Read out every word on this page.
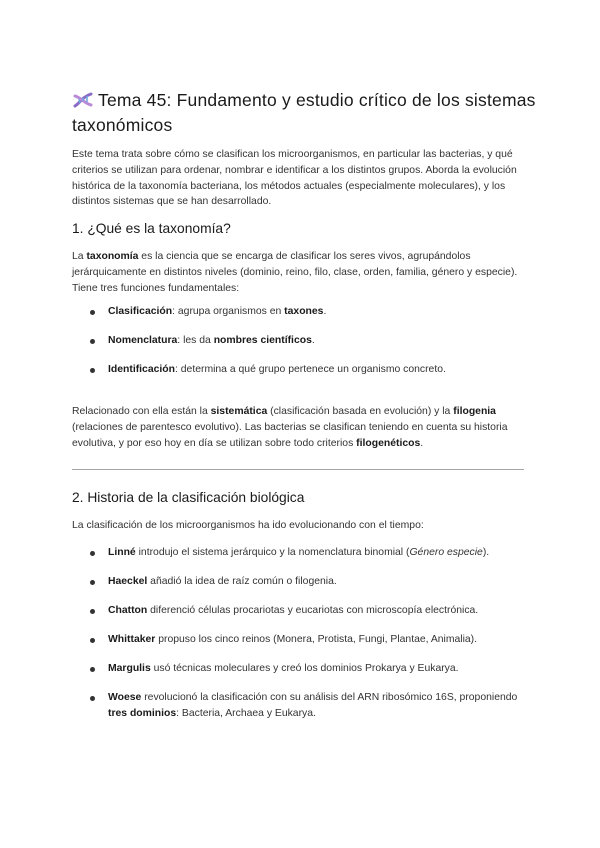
Tema 45: Fundamento y estudio crítico de los sistemas taxonómicos
Este tema trata sobre cómo se clasifican los microorganismos, en particular las bacterias, y qué criterios se utilizan para ordenar, nombrar e identificar a los distintos grupos. Aborda la evolución histórica de la taxonomía bacteriana, los métodos actuales (especialmente moleculares), y los distintos sistemas que se han desarrollado.
1. ¿Qué es la taxonomía?
La taxonomía es la ciencia que se encarga de clasificar los seres vivos, agrupándolos jerárquicamente en distintos niveles (dominio, reino, filo, clase, orden, familia, género y especie). Tiene tres funciones fundamentales:
Clasificación: agrupa organismos en taxones.
Nomenclatura: les da nombres científicos.
Identificación: determina a qué grupo pertenece un organismo concreto.
Relacionado con ella están la sistemática (clasificación basada en evolución) y la filogenia (relaciones de parentesco evolutivo). Las bacterias se clasifican teniendo en cuenta su historia evolutiva, y por eso hoy en día se utilizan sobre todo criterios filogenéticos.
2. Historia de la clasificación biológica
La clasificación de los microorganismos ha ido evolucionando con el tiempo:
Linné introdujo el sistema jerárquico y la nomenclatura binomial (Género especie).
Haeckel añadió la idea de raíz común o filogenia.
Chatton diferenció células procariotas y eucariotas con microscopía electrónica.
Whittaker propuso los cinco reinos (Monera, Protista, Fungi, Plantae, Animalia).
Margulis usó técnicas moleculares y creó los dominios Prokarya y Eukarya.
Woese revolucionó la clasificación con su análisis del ARN ribosómico 16S, proponiendo tres dominios: Bacteria, Archaea y Eukarya.
